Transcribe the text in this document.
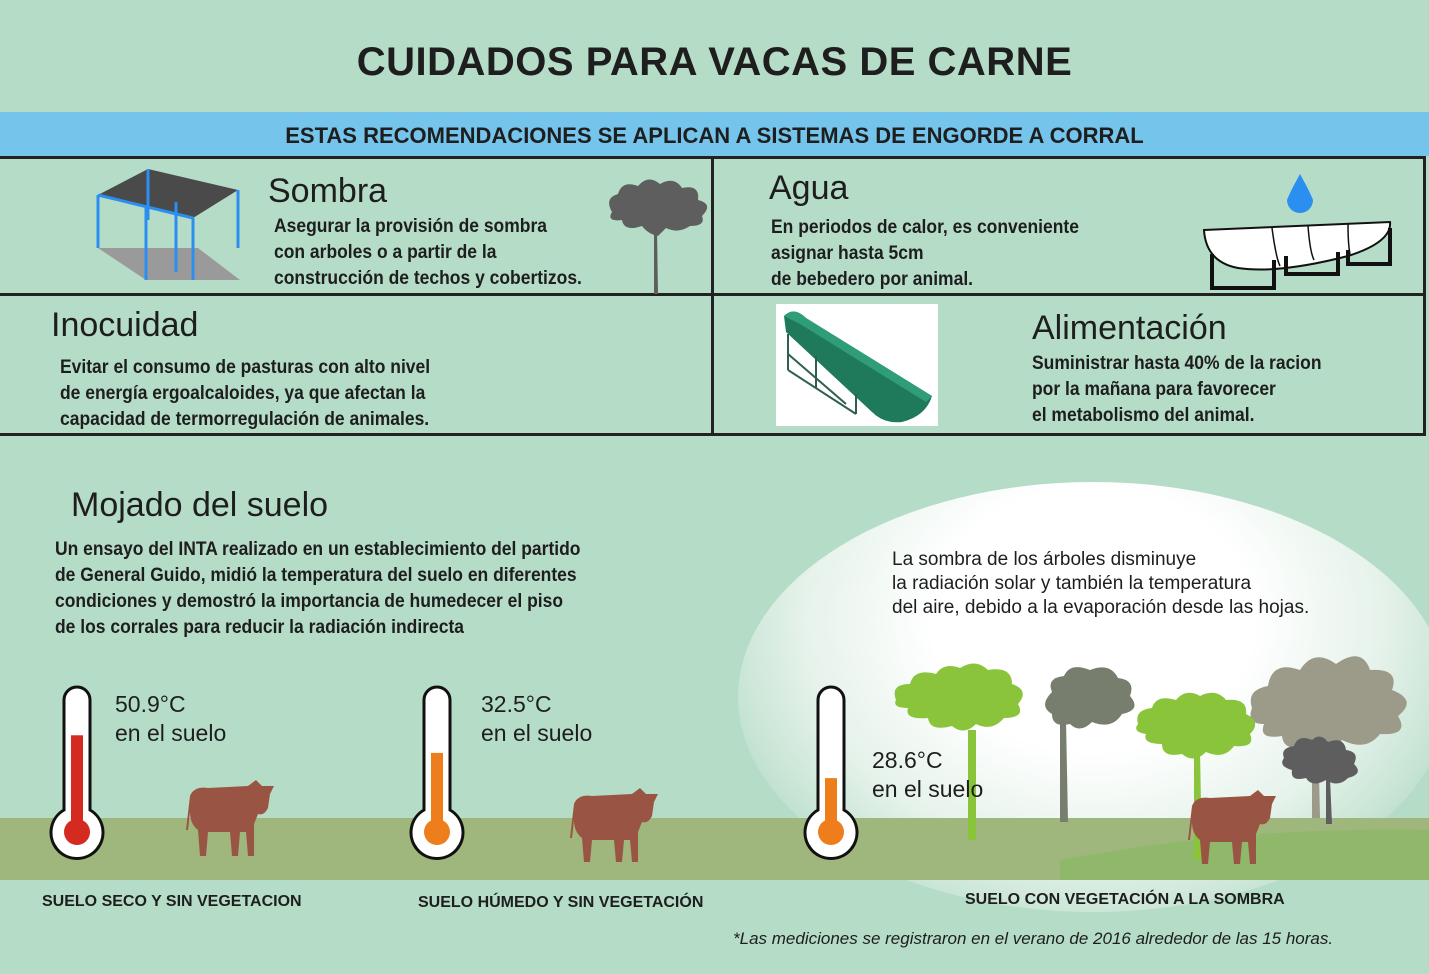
CUIDADOS PARA VACAS DE CARNE
ESTAS RECOMENDACIONES SE APLICAN A SISTEMAS DE ENGORDE A CORRAL
Sombra
Asegurar la provisión de sombra
con arboles o a partir de la
construcción de techos y cobertizos.
Agua
En periodos de calor, es conveniente
asignar hasta 5cm
de bebedero por animal.
Inocuidad
Evitar el consumo de pasturas con alto nivel
de energía ergoalcaloides, ya que afectan la
capacidad de termorregulación de animales.
Alimentación
Suministrar hasta 40% de la racion
por la mañana para favorecer
el metabolismo del animal.
Mojado del suelo
Un ensayo del INTA realizado en un establecimiento del partido
de General Guido, midió la temperatura del suelo en diferentes
condiciones y demostró la importancia de humedecer el piso
de los corrales para reducir la radiación indirecta
La sombra de los árboles disminuye
la radiación solar y también la temperatura
del aire, debido a la evaporación desde las hojas.
50.9°C
en el suelo
32.5°C
en el suelo
28.6°C
en el suelo
SUELO SECO Y SIN VEGETACION	SUELO HÚMEDO Y SIN VEGETACIÓN	SUELO CON VEGETACIÓN A LA SOMBRA
*Las mediciones se registraron en el verano de 2016 alrededor de las 15 horas.
